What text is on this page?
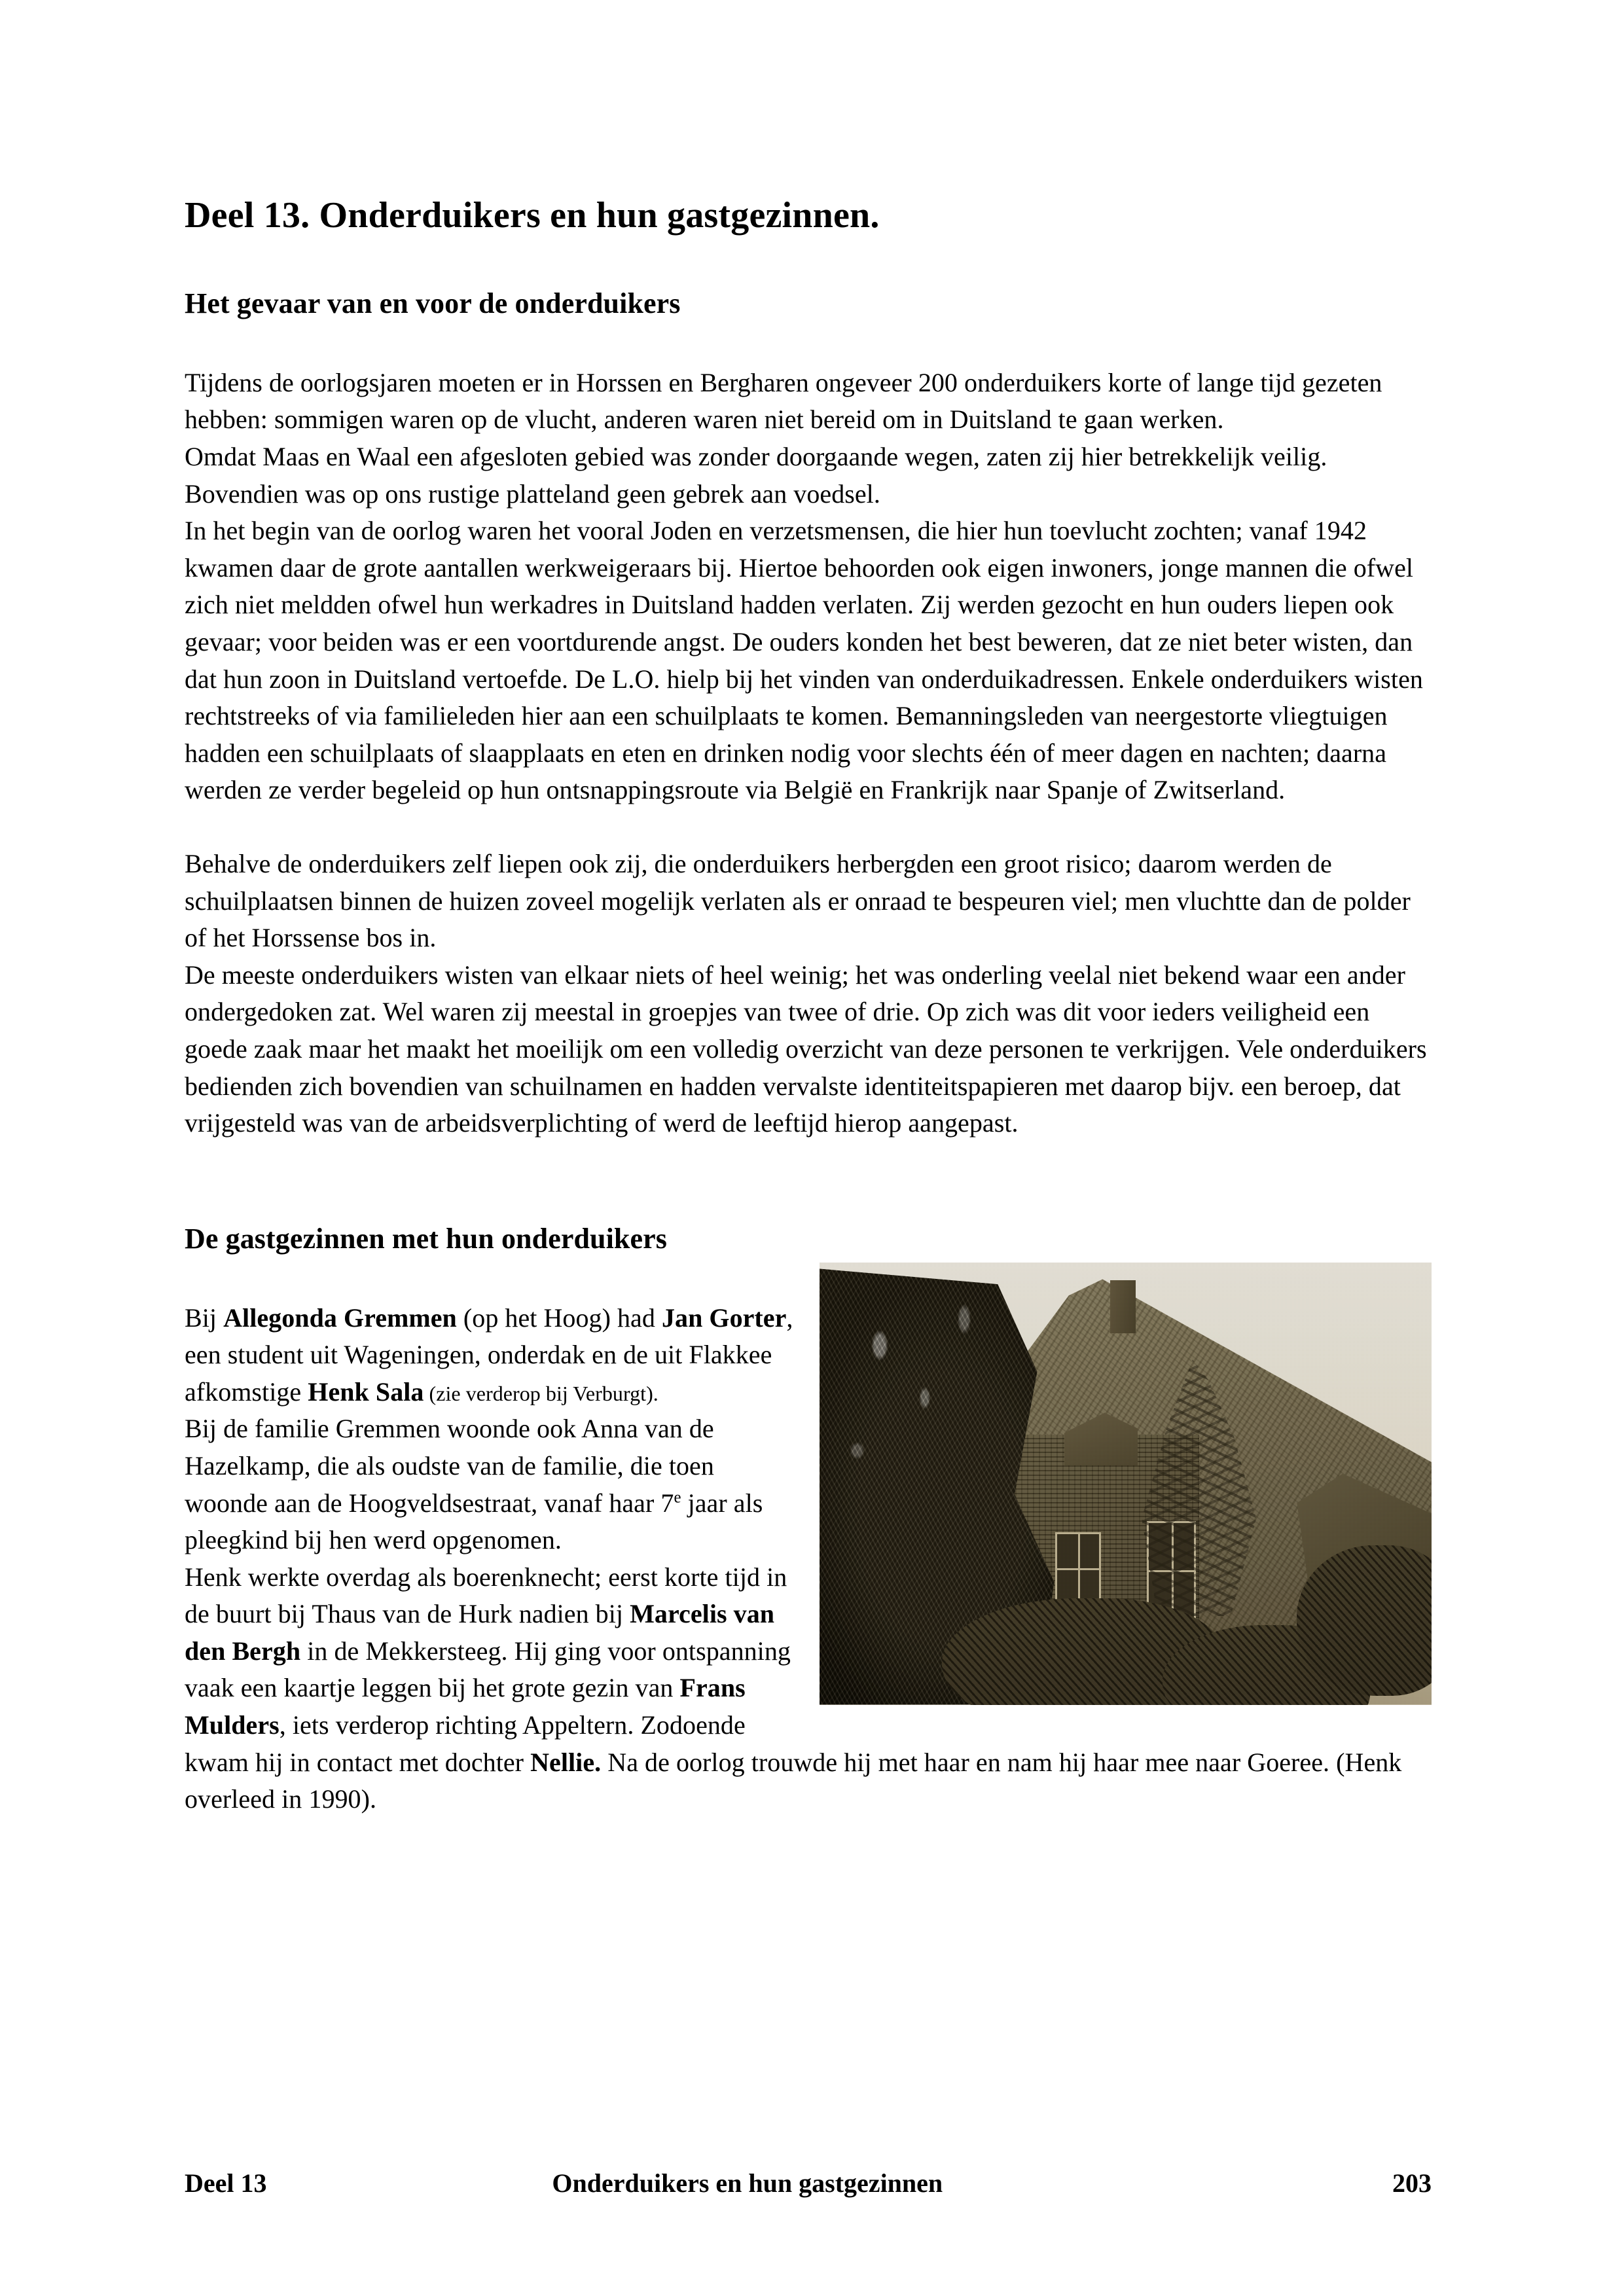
Deel 13. Onderduikers en hun gastgezinnen.
Het gevaar van en voor de onderduikers

Tijdens de oorlogsjaren moeten er in Horssen en Bergharen ongeveer 200 onderduikers korte of lange tijd gezeten hebben: sommigen waren op de vlucht, anderen waren niet bereid om in Duitsland te gaan werken.
Omdat Maas en Waal een afgesloten gebied was zonder doorgaande wegen, zaten zij hier betrekkelijk veilig. Bovendien was op ons rustige platteland geen gebrek aan voedsel.
In het begin van de oorlog waren het vooral Joden en verzetsmensen, die hier hun toevlucht zochten; vanaf 1942 kwamen daar de grote aantallen werkweigeraars bij. Hiertoe behoorden ook eigen inwoners, jonge mannen die ofwel zich niet meldden ofwel hun werkadres in Duitsland hadden verlaten. Zij werden gezocht en hun ouders liepen ook gevaar; voor beiden was er een voortdurende angst. De ouders konden het best beweren, dat ze niet beter wisten, dan dat hun zoon in Duitsland vertoefde. De L.O. hielp bij het vinden van onderduikadressen. Enkele onderduikers wisten rechtstreeks of via familieleden hier aan een schuilplaats te komen. Bemanningsleden van neergestorte vliegtuigen hadden een schuilplaats of slaapplaats en eten en drinken nodig voor slechts één of meer dagen en nachten; daarna werden ze verder begeleid op hun ontsnappingsroute via België en Frankrijk naar Spanje of Zwitserland.

Behalve de onderduikers zelf liepen ook zij, die onderduikers herbergden een groot risico; daarom werden de schuilplaatsen binnen de huizen zoveel mogelijk verlaten als er onraad te bespeuren viel; men vluchtte dan de polder of het Horssense bos in.
De meeste onderduikers wisten van elkaar niets of heel weinig; het was onderling veelal niet bekend waar een ander ondergedoken zat. Wel waren zij meestal in groepjes van twee of drie. Op zich was dit voor ieders veiligheid een goede zaak maar het maakt het moeilijk om een volledig overzicht van deze personen te verkrijgen. Vele onderduikers bedienden zich bovendien van schuilnamen en hadden vervalste identiteitspapieren met daarop bijv. een beroep, dat vrijgesteld was van de arbeidsverplichting of werd de leeftijd hierop aangepast.

De gastgezinnen met hun onderduikers

Bij Allegonda Gremmen (op het Hoog) had Jan Gorter, een student uit Wageningen, onderdak en de uit Flakkee afkomstige Henk Sala (zie verderop bij Verburgt).
Bij de familie Gremmen woonde ook Anna van de Hazelkamp, die als oudste van de familie, die toen woonde aan de Hoogveldsestraat, vanaf haar 7e jaar als pleegkind bij hen werd opgenomen.
Henk werkte overdag als boerenknecht; eerst korte tijd in de buurt bij Thaus van de Hurk nadien bij Marcelis van den Bergh in de Mekkersteeg. Hij ging voor ontspanning vaak een kaartje leggen bij het grote gezin van Frans Mulders, iets verderop richting Appeltern. Zodoende kwam hij in contact met dochter Nellie. Na de oorlog trouwde hij met haar en nam hij haar mee naar Goeree. (Henk overleed in 1990).

Deel 13	Onderduikers en hun gastgezinnen	203
